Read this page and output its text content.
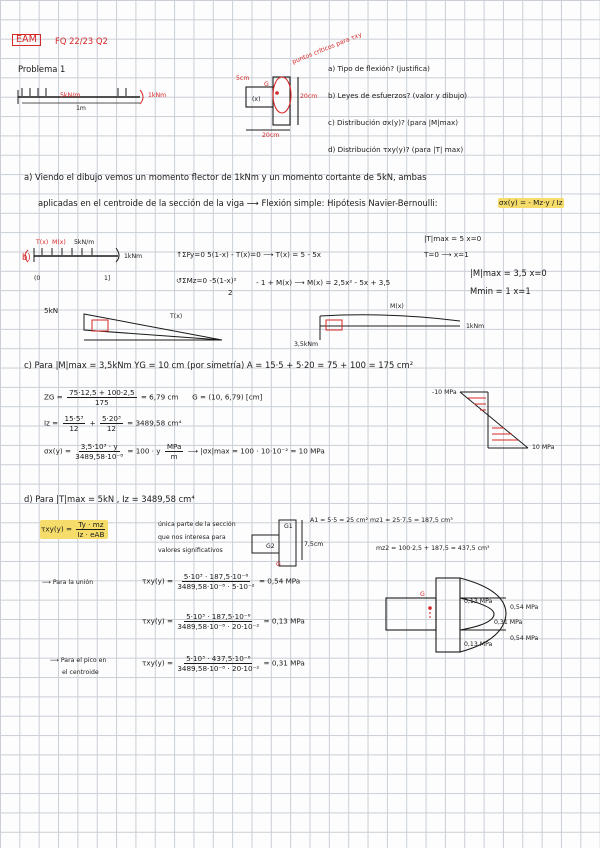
EAM	FQ 22/23 Q2
Problema 1	a) Tipo de flexión? (justifica)
b) Leyes de esfuerzos? (valor y dibujo)
c) Distribución σx(y)? (para |M|max)
d) Distribución τxy(y)? (para |T| max)
5kN/m	1kNm
1m
puntos críticos para τxy
5cm
20cm
20cm
G
(x)
a) Viendo el dibujo vemos un momento flector de 1kNm y un momento cortante de 5kN, ambas
aplicadas en el centroide de la sección de la viga ⟶ Flexión simple: Hipótesis Navier-Bernoulli:	σx(y) = - Mz·y / Iz
b)
T(x) M(x) 5kN/m
1kNm
(0	1]
↑ΣFy=0 5(1-x) - T(x)=0 ⟶ T(x) = 5 - 5x
↺ΣMz=0 -5(1-x)²
2
- 1 + M(x) ⟶ M(x) = 2,5x² - 5x + 3,5
|T|max = 5 x=0
T=0 ⟶ x=1
|M|max = 3,5 x=0
Mmin = 1 x=1
5kN
T(x)
M(x)
1kNm
3,5kNm
c) Para |M|max = 3,5kNm YG = 10 cm (por simetría) A = 15·5 + 5·20 = 75 + 100 = 175 cm²
ZG = $\frac{75\cdot 12,5 + 100\cdot 2,5}{175} = 6,79$ cm G = (10, 6,79) [cm]
$Iz = \frac{\text{15·5³}}{12} + \frac{\text{5·20³}}{12} = 3489,58$ cm⁴
$\sigma x(y) = \frac{\text{3,5·10³ · y}}{\text{3489,58·10⁻⁸}} = 100 \cdot y \frac{\text{MPa}}{m}$ ⟶ |σx|max = 100 · 10·10⁻² = 10 MPa
-10 MPa
10 MPa
d) Para |T|max = 5kN , Iz = 3489,58 cm⁴
$\tau xy(y) = \frac{Ty \cdot mz}{\text{Iz · eAB}}$	única parte de la sección
que nos interesa para
valores significativos
G1
G2
G
7,5cm
A1 = 5·5 = 25 cm² mz1 = 25·7,5 = 187,5 cm³
mz2 = 100·2,5 + 187,5 = 437,5 cm³
⟶ Para la unión	$\tau xy(y) = \frac{\text{5·10³ · 187,5·10⁻⁶}}{\text{3489,58·10⁻⁸ · 5·10⁻²}} = 0,54$ MPa
$\tau xy(y) = \frac{\text{5·10³ · 187,5·10⁻⁶}}{\text{3489,58·10⁻⁸ · 20·10⁻²}} = 0,13$ MPa
⟶ Para el pico en
el centroide
$\tau xy(y) = \frac{\text{5·10³ · 437,5·10⁻⁶}}{\text{3489,58·10⁻⁸ · 20·10⁻²}} = 0,31$ MPa
G
0,13 MPa
0,54 MPa
0,31 MPa
0,13 MPa
0,54 MPa
